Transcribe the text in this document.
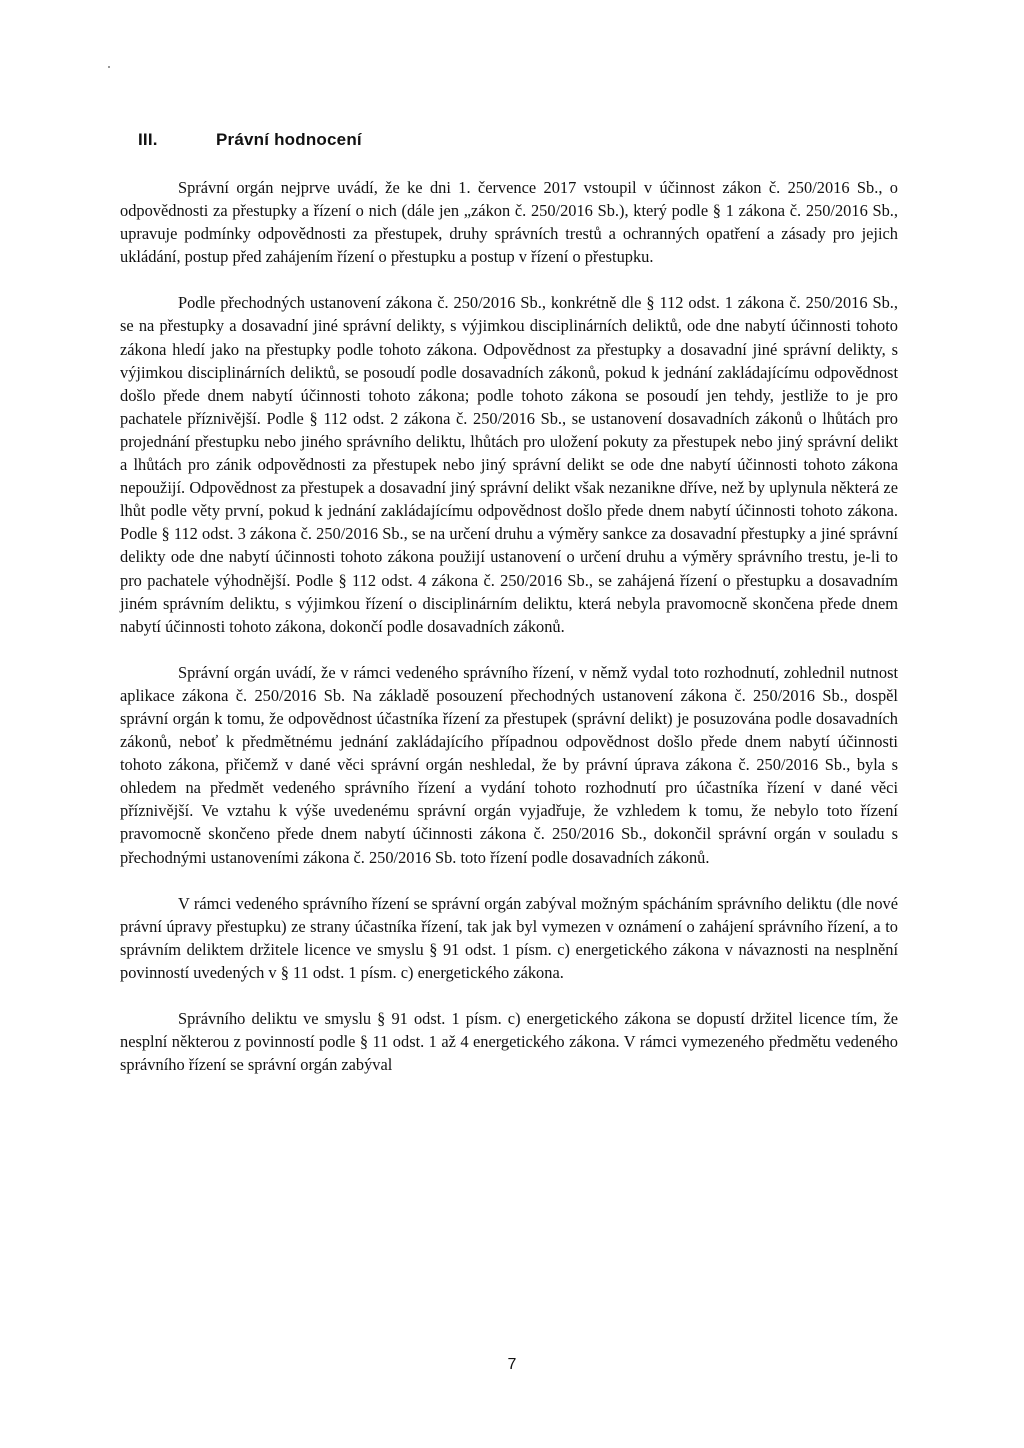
III.	Právní hodnocení

Správní orgán nejprve uvádí, že ke dni 1. července 2017 vstoupil v účinnost zákon č. 250/2016 Sb., o odpovědnosti za přestupky a řízení o nich (dále jen „zákon č. 250/2016 Sb.), který podle § 1 zákona č. 250/2016 Sb., upravuje podmínky odpovědnosti za přestupek, druhy správních trestů a ochranných opatření a zásady pro jejich ukládání, postup před zahájením řízení o přestupku a postup v řízení o přestupku.

Podle přechodných ustanovení zákona č. 250/2016 Sb., konkrétně dle § 112 odst. 1 zákona č. 250/2016 Sb., se na přestupky a dosavadní jiné správní delikty, s výjimkou disciplinárních deliktů, ode dne nabytí účinnosti tohoto zákona hledí jako na přestupky podle tohoto zákona. Odpovědnost za přestupky a dosavadní jiné správní delikty, s výjimkou disciplinárních deliktů, se posoudí podle dosavadních zákonů, pokud k jednání zakládajícímu odpovědnost došlo přede dnem nabytí účinnosti tohoto zákona; podle tohoto zákona se posoudí jen tehdy, jestliže to je pro pachatele příznivější. Podle § 112 odst. 2 zákona č. 250/2016 Sb., se ustanovení dosavadních zákonů o lhůtách pro projednání přestupku nebo jiného správního deliktu, lhůtách pro uložení pokuty za přestupek nebo jiný správní delikt a lhůtách pro zánik odpovědnosti za přestupek nebo jiný správní delikt se ode dne nabytí účinnosti tohoto zákona nepoužijí. Odpovědnost za přestupek a dosavadní jiný správní delikt však nezanikne dříve, než by uplynula některá ze lhůt podle věty první, pokud k jednání zakládajícímu odpovědnost došlo přede dnem nabytí účinnosti tohoto zákona. Podle § 112 odst. 3 zákona č. 250/2016 Sb., se na určení druhu a výměry sankce za dosavadní přestupky a jiné správní delikty ode dne nabytí účinnosti tohoto zákona použijí ustanovení o určení druhu a výměry správního trestu, je-li to pro pachatele výhodnější. Podle § 112 odst. 4 zákona č. 250/2016 Sb., se zahájená řízení o přestupku a dosavadním jiném správním deliktu, s výjimkou řízení o disciplinárním deliktu, která nebyla pravomocně skončena přede dnem nabytí účinnosti tohoto zákona, dokončí podle dosavadních zákonů.

Správní orgán uvádí, že v rámci vedeného správního řízení, v němž vydal toto rozhodnutí, zohlednil nutnost aplikace zákona č. 250/2016 Sb. Na základě posouzení přechodných ustanovení zákona č. 250/2016 Sb., dospěl správní orgán k tomu, že odpovědnost účastníka řízení za přestupek (správní delikt) je posuzována podle dosavadních zákonů, neboť k předmětnému jednání zakládajícího případnou odpovědnost došlo přede dnem nabytí účinnosti tohoto zákona, přičemž v dané věci správní orgán neshledal, že by právní úprava zákona č. 250/2016 Sb., byla s ohledem na předmět vedeného správního řízení a vydání tohoto rozhodnutí pro účastníka řízení v dané věci příznivější. Ve vztahu k výše uvedenému správní orgán vyjadřuje, že vzhledem k tomu, že nebylo toto řízení pravomocně skončeno přede dnem nabytí účinnosti zákona č. 250/2016 Sb., dokončil správní orgán v souladu s přechodnými ustanoveními zákona č. 250/2016 Sb. toto řízení podle dosavadních zákonů.

V rámci vedeného správního řízení se správní orgán zabýval možným spácháním správního deliktu (dle nové právní úpravy přestupku) ze strany účastníka řízení, tak jak byl vymezen v oznámení o zahájení správního řízení, a to správním deliktem držitele licence ve smyslu § 91 odst. 1 písm. c) energetického zákona v návaznosti na nesplnění povinností uvedených v § 11 odst. 1 písm. c) energetického zákona.

Správního deliktu ve smyslu § 91 odst. 1 písm. c) energetického zákona se dopustí držitel licence tím, že nesplní některou z povinností podle § 11 odst. 1 až 4 energetického zákona. V rámci vymezeného předmětu vedeného správního řízení se správní orgán zabýval

7
